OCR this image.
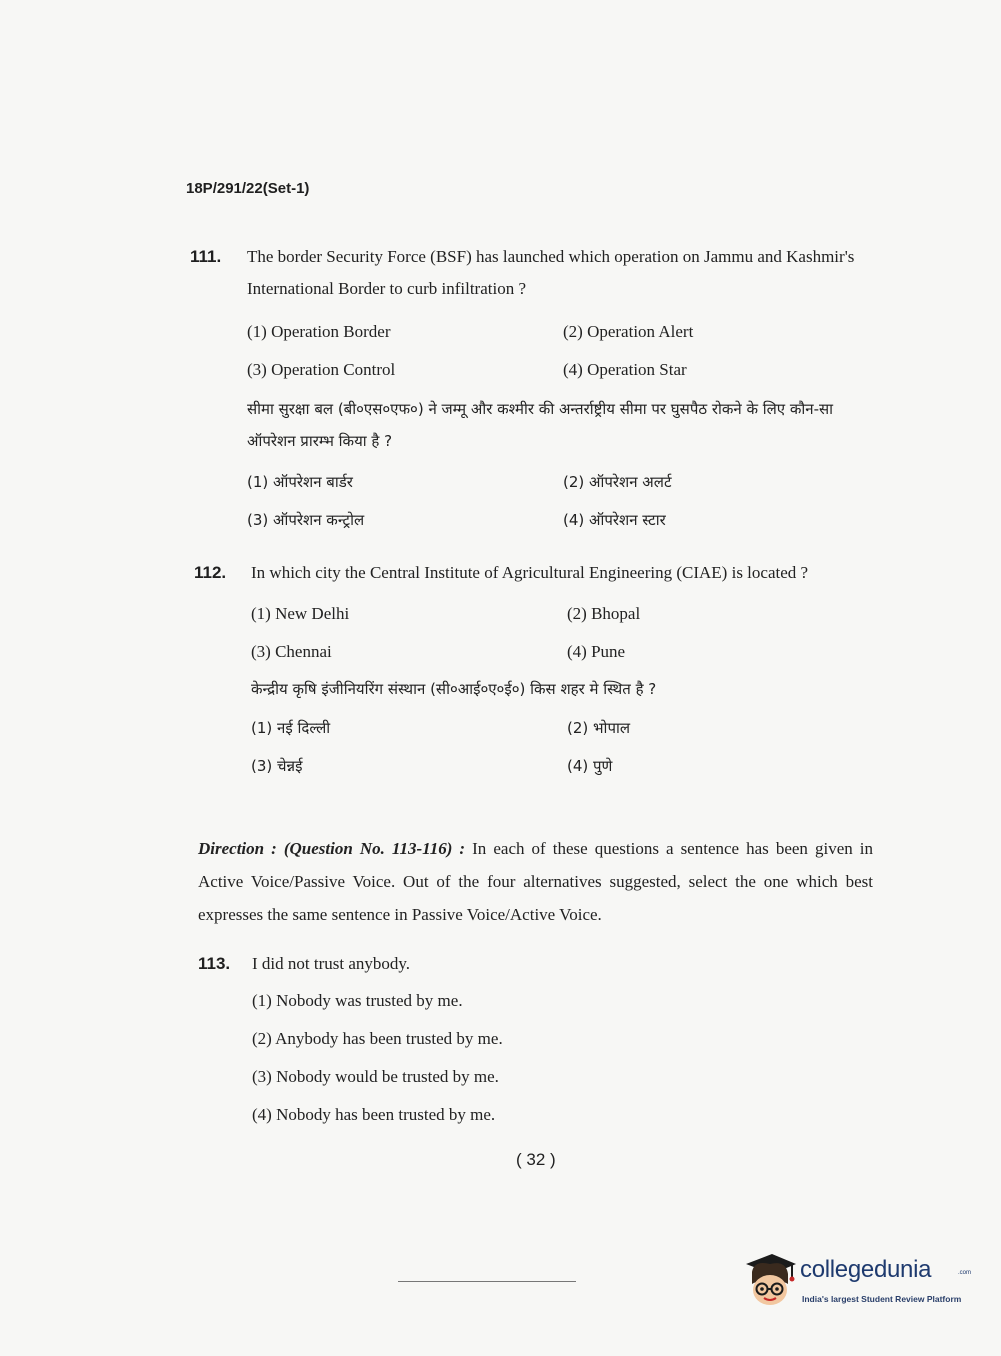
18P/291/22(Set-1)
111. The border Security Force (BSF) has launched which operation on Jammu and Kashmir's International Border to curb infiltration ?
(1) Operation Border	(2) Operation Alert
(3) Operation Control	(4) Operation Star
सीमा सुरक्षा बल (बी०एस०एफ०) ने जम्मू और कश्मीर की अन्तर्राष्ट्रीय सीमा पर घुसपैठ रोकने के लिए कौन-सा ऑपरेशन प्रारम्भ किया है ?
(1) ऑपरेशन बार्डर	(2) ऑपरेशन अलर्ट
(3) ऑपरेशन कन्ट्रोल	(4) ऑपरेशन स्टार
112. In which city the Central Institute of Agricultural Engineering (CIAE) is located ?
(1) New Delhi	(2) Bhopal
(3) Chennai	(4) Pune
केन्द्रीय कृषि इंजीनियरिंग संस्थान (सी०आई०ए०ई०) किस शहर मे स्थित है ?
(1) नई दिल्ली	(2) भोपाल
(3) चेन्नई	(4) पुणे
Direction : (Question No. 113-116) : In each of these questions a sentence has been given in Active Voice/Passive Voice. Out of the four alternatives suggested, select the one which best expresses the same sentence in Passive Voice/Active Voice.
113. I did not trust anybody.
(1) Nobody was trusted by me.
(2) Anybody has been trusted by me.
(3) Nobody would be trusted by me.
(4) Nobody has been trusted by me.
( 32 )
collegedunia	.com
India's largest Student Review Platform
